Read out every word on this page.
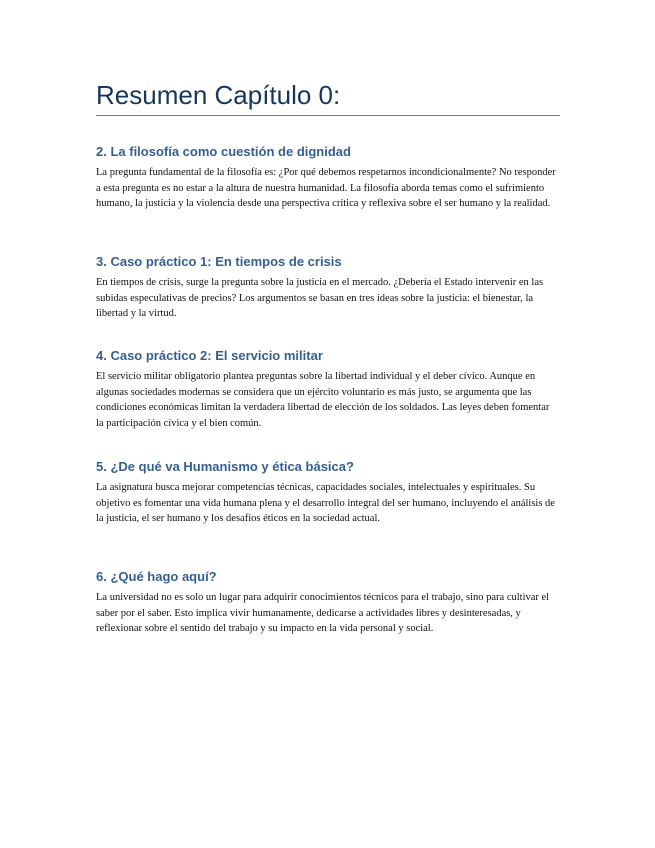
Resumen Capítulo 0:
2. La filosofía como cuestión de dignidad

La pregunta fundamental de la filosofía es: ¿Por qué debemos respetarnos incondicionalmente? No responder a esta pregunta es no estar a la altura de nuestra humanidad. La filosofía aborda temas como el sufrimiento humano, la justicia y la violencia desde una perspectiva crítica y reflexiva sobre el ser humano y la realidad.

3. Caso práctico 1: En tiempos de crisis

En tiempos de crisis, surge la pregunta sobre la justicia en el mercado. ¿Debería el Estado intervenir en las subidas especulativas de precios? Los argumentos se basan en tres ideas sobre la justicia: el bienestar, la libertad y la virtud.

4. Caso práctico 2: El servicio militar

El servicio militar obligatorio plantea preguntas sobre la libertad individual y el deber cívico. Aunque en algunas sociedades modernas se considera que un ejército voluntario es más justo, se argumenta que las condiciones económicas limitan la verdadera libertad de elección de los soldados. Las leyes deben fomentar la participación cívica y el bien común.

5. ¿De qué va Humanismo y ética básica?

La asignatura busca mejorar competencias técnicas, capacidades sociales, intelectuales y espirituales. Su objetivo es fomentar una vida humana plena y el desarrollo integral del ser humano, incluyendo el análisis de la justicia, el ser humano y los desafíos éticos en la sociedad actual.

6. ¿Qué hago aquí?

La universidad no es solo un lugar para adquirir conocimientos técnicos para el trabajo, sino para cultivar el saber por el saber. Esto implica vivir humanamente, dedicarse a actividades libres y desinteresadas, y reflexionar sobre el sentido del trabajo y su impacto en la vida personal y social.
